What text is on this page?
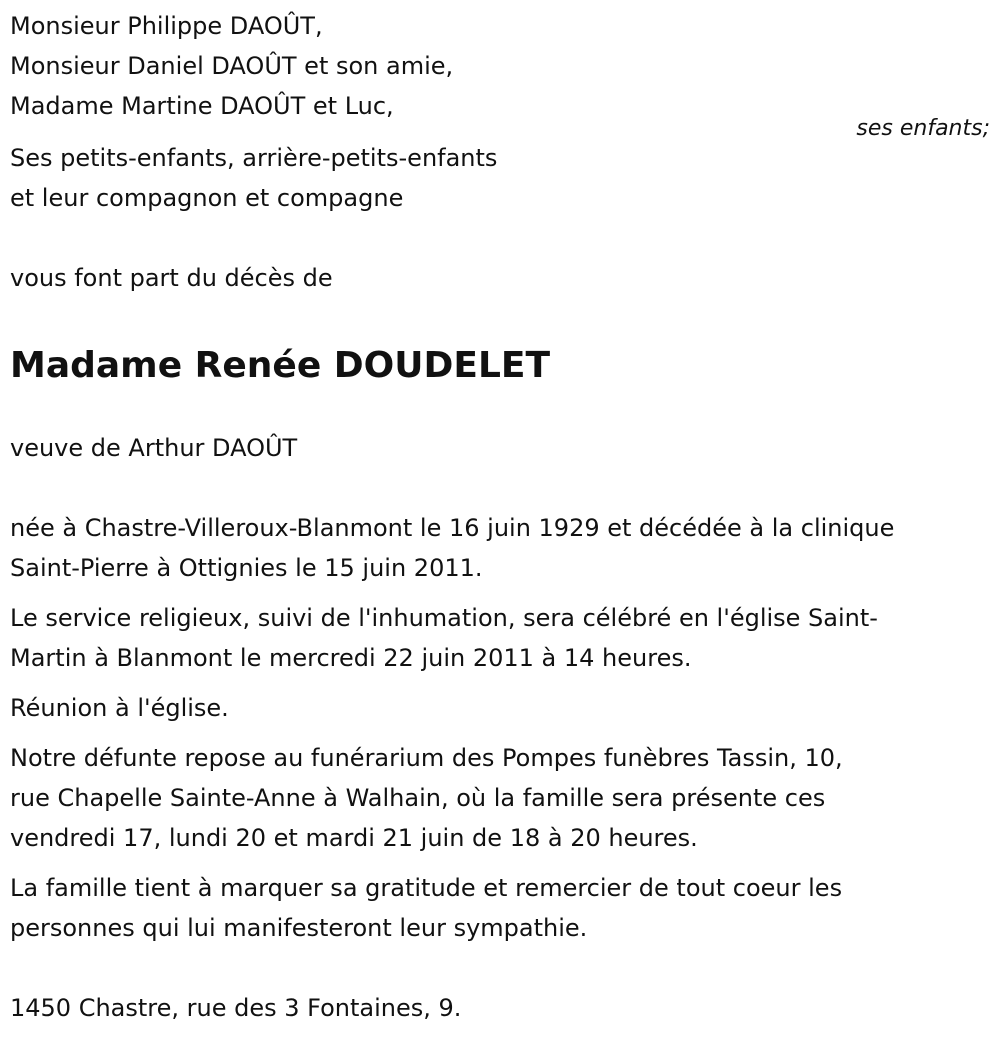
Monsieur Philippe DAOÛT,
Monsieur Daniel DAOÛT et son amie,
Madame Martine DAOÛT et Luc,
ses enfants;
Ses petits-enfants, arrière-petits-enfants
et leur compagnon et compagne
vous font part du décès de
Madame Renée DOUDELET
veuve de Arthur DAOÛT
née à Chastre-Villeroux-Blanmont le 16 juin 1929 et décédée à la clinique
Saint-Pierre à Ottignies le 15 juin 2011.
Le service religieux, suivi de l'inhumation, sera célébré en l'église Saint-
Martin à Blanmont le mercredi 22 juin 2011 à 14 heures.
Réunion à l'église.
Notre défunte repose au funérarium des Pompes funèbres Tassin, 10,
rue Chapelle Sainte-Anne à Walhain, où la famille sera présente ces
vendredi 17, lundi 20 et mardi 21 juin de 18 à 20 heures.
La famille tient à marquer sa gratitude et remercier de tout coeur les
personnes qui lui manifesteront leur sympathie.
1450 Chastre, rue des 3 Fontaines, 9.
